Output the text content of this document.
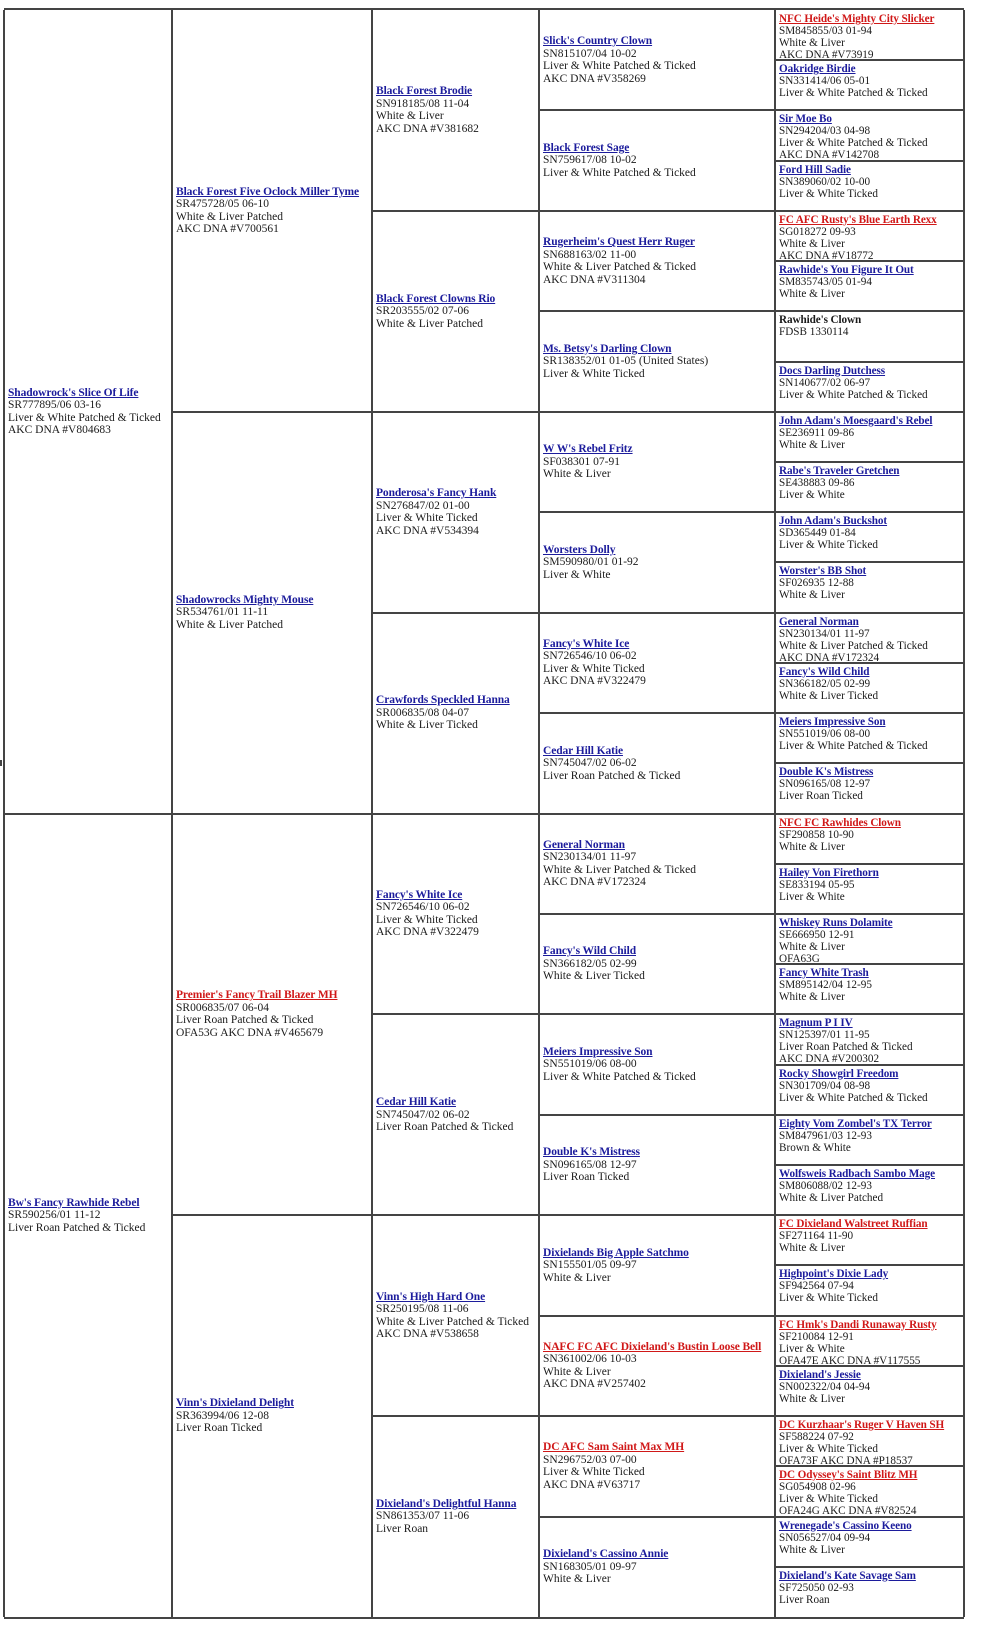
Shadowrock's Slice Of Life
SR777895/06 03-16
Liver & White Patched & Ticked
AKC DNA #V804683
Bw's Fancy Rawhide Rebel
SR590256/01 11-12
Liver Roan Patched & Ticked
Black Forest Five Oclock Miller Tyme
SR475728/05 06-10
White & Liver Patched
AKC DNA #V700561
Shadowrocks Mighty Mouse
SR534761/01 11-11
White & Liver Patched
Premier's Fancy Trail Blazer MH
SR006835/07 06-04
Liver Roan Patched & Ticked
OFA53G AKC DNA #V465679
Vinn's Dixieland Delight
SR363994/06 12-08
Liver Roan Ticked
Black Forest Brodie
SN918185/08 11-04
White & Liver
AKC DNA #V381682
Black Forest Clowns Rio
SR203555/02 07-06
White & Liver Patched
Ponderosa's Fancy Hank
SN276847/02 01-00
Liver & White Ticked
AKC DNA #V534394
Crawfords Speckled Hanna
SR006835/08 04-07
White & Liver Ticked
Fancy's White Ice
SN726546/10 06-02
Liver & White Ticked
AKC DNA #V322479
Cedar Hill Katie
SN745047/02 06-02
Liver Roan Patched & Ticked
Vinn's High Hard One
SR250195/08 11-06
White & Liver Patched & Ticked
AKC DNA #V538658
Dixieland's Delightful Hanna
SN861353/07 11-06
Liver Roan
Slick's Country Clown
SN815107/04 10-02
Liver & White Patched & Ticked
AKC DNA #V358269
Black Forest Sage
SN759617/08 10-02
Liver & White Patched & Ticked
Rugerheim's Quest Herr Ruger
SN688163/02 11-00
White & Liver Patched & Ticked
AKC DNA #V311304
Ms. Betsy's Darling Clown
SR138352/01 01-05 (United States)
Liver & White Ticked
W W's Rebel Fritz
SF038301 07-91
White & Liver
Worsters Dolly
SM590980/01 01-92
Liver & White
Fancy's White Ice
SN726546/10 06-02
Liver & White Ticked
AKC DNA #V322479
Cedar Hill Katie
SN745047/02 06-02
Liver Roan Patched & Ticked
General Norman
SN230134/01 11-97
White & Liver Patched & Ticked
AKC DNA #V172324
Fancy's Wild Child
SN366182/05 02-99
White & Liver Ticked
Meiers Impressive Son
SN551019/06 08-00
Liver & White Patched & Ticked
Double K's Mistress
SN096165/08 12-97
Liver Roan Ticked
Dixielands Big Apple Satchmo
SN155501/05 09-97
White & Liver
NAFC FC AFC Dixieland's Bustin Loose Bell
SN361002/06 10-03
White & Liver
AKC DNA #V257402
DC AFC Sam Saint Max MH
SN296752/03 07-00
Liver & White Ticked
AKC DNA #V63717
Dixieland's Cassino Annie
SN168305/01 09-97
White & Liver
NFC Heide's Mighty City Slicker
SM845855/03 01-94
White & Liver
AKC DNA #V73919
Oakridge Birdie
SN331414/06 05-01
Liver & White Patched & Ticked
Sir Moe Bo
SN294204/03 04-98
Liver & White Patched & Ticked
AKC DNA #V142708
Ford Hill Sadie
SN389060/02 10-00
Liver & White Ticked
FC AFC Rusty's Blue Earth Rexx
SG018272 09-93
White & Liver
AKC DNA #V18772
Rawhide's You Figure It Out
SM835743/05 01-94
White & Liver
Rawhide's Clown
FDSB 1330114
Docs Darling Dutchess
SN140677/02 06-97
Liver & White Patched & Ticked
John Adam's Moesgaard's Rebel
SE236911 09-86
White & Liver
Rabe's Traveler Gretchen
SE438883 09-86
Liver & White
John Adam's Buckshot
SD365449 01-84
Liver & White Ticked
Worster's BB Shot
SF026935 12-88
White & Liver
General Norman
SN230134/01 11-97
White & Liver Patched & Ticked
AKC DNA #V172324
Fancy's Wild Child
SN366182/05 02-99
White & Liver Ticked
Meiers Impressive Son
SN551019/06 08-00
Liver & White Patched & Ticked
Double K's Mistress
SN096165/08 12-97
Liver Roan Ticked
NFC FC Rawhides Clown
SF290858 10-90
White & Liver
Hailey Von Firethorn
SE833194 05-95
Liver & White
Whiskey Runs Dolamite
SE666950 12-91
White & Liver
OFA63G
Fancy White Trash
SM895142/04 12-95
White & Liver
Magnum P I IV
SN125397/01 11-95
Liver Roan Patched & Ticked
AKC DNA #V200302
Rocky Showgirl Freedom
SN301709/04 08-98
Liver & White Patched & Ticked
Eighty Vom Zombel's TX Terror
SM847961/03 12-93
Brown & White
Wolfsweis Radbach Sambo Mage
SM806088/02 12-93
White & Liver Patched
FC Dixieland Walstreet Ruffian
SF271164 11-90
White & Liver
Highpoint's Dixie Lady
SF942564 07-94
Liver & White Ticked
FC Hmk's Dandi Runaway Rusty
SF210084 12-91
Liver & White
OFA47E AKC DNA #V117555
Dixieland's Jessie
SN002322/04 04-94
White & Liver
DC Kurzhaar's Ruger V Haven SH
SF588224 07-92
Liver & White Ticked
OFA73F AKC DNA #P18537
DC Odyssey's Saint Blitz MH
SG054908 02-96
Liver & White Ticked
OFA24G AKC DNA #V82524
Wrenegade's Cassino Keeno
SN056527/04 09-94
White & Liver
Dixieland's Kate Savage Sam
SF725050 02-93
Liver Roan
